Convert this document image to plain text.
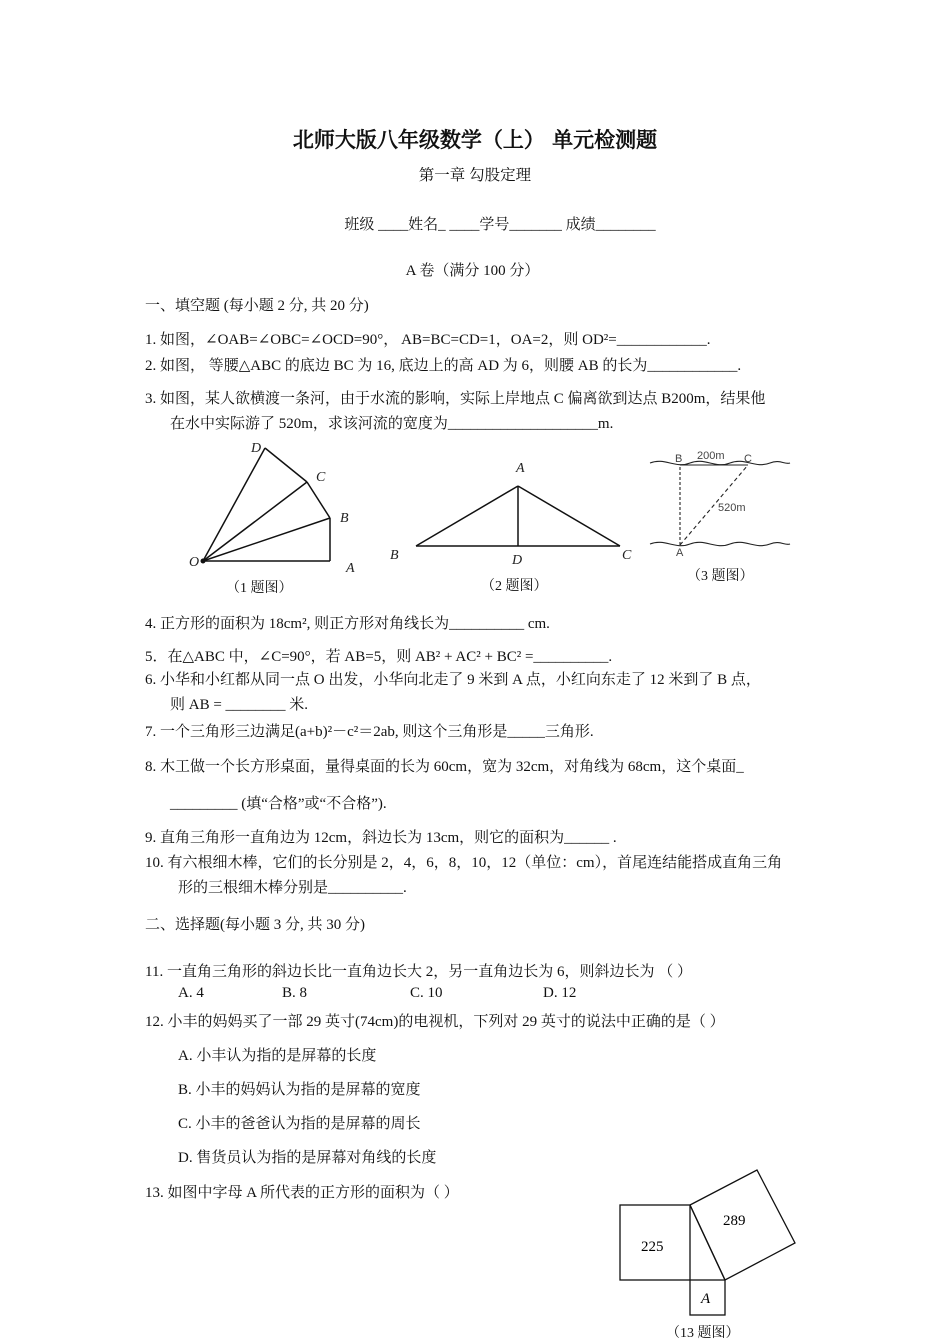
北师大版八年级数学（上） 单元检测题
第一章 勾股定理
班级 ____姓名_ ____学号_______ 成绩________
A 卷（满分 100 分）
一、填空题 (每小题 2 分, 共 20 分)
1. 如图，∠OAB=∠OBC=∠OCD=90°， AB=BC=CD=1，OA=2，则 OD²=____________.
2. 如图， 等腰△ABC 的底边 BC 为 16, 底边上的高 AD 为 6，则腰 AB 的长为____________.
3. 如图，某人欲横渡一条河，由于水流的影响，实际上岸地点 C 偏离欲到达点 B200m，结果他
在水中实际游了 520m，求该河流的宽度为____________________m.
O	A
B
C
D
（1 题图）
A
B	C
D
（2 题图）
B	C
A
200m
520m
（3 题图）
4. 正方形的面积为 18cm², 则正方形对角线长为__________ cm.
5．在△ABC 中，∠C=90°，若 AB=5，则 AB² + AC² + BC² =__________.
6. 小华和小红都从同一点 O 出发，小华向北走了 9 米到 A 点，小红向东走了 12 米到了 B 点，
则 AB = ________ 米.
7. 一个三角形三边满足(a+b)²－c²＝2ab, 则这个三角形是_____三角形.
8. 木工做一个长方形桌面，量得桌面的长为 60cm，宽为 32cm，对角线为 68cm，这个桌面_
_________ (填“合格”或“不合格”).
9. 直角三角形一直角边为 12cm，斜边长为 13cm，则它的面积为______ .
10. 有六根细木棒，它们的长分别是 2，4，6，8，10，12（单位：cm），首尾连结能搭成直角三角
形的三根细木棒分别是__________.
二、选择题(每小题 3 分, 共 30 分)
11. 一直角三角形的斜边长比一直角边长大 2，另一直角边长为 6，则斜边长为 （ ）
A. 4	B. 8	C. 10	D. 12
12. 小丰的妈妈买了一部 29 英寸(74cm)的电视机，下列对 29 英寸的说法中正确的是（ ）
A. 小丰认为指的是屏幕的长度
B. 小丰的妈妈认为指的是屏幕的宽度
C. 小丰的爸爸认为指的是屏幕的周长
D. 售货员认为指的是屏幕对角线的长度
13. 如图中字母 A 所代表的正方形的面积为（ ）
225
289
A
（13 题图）
